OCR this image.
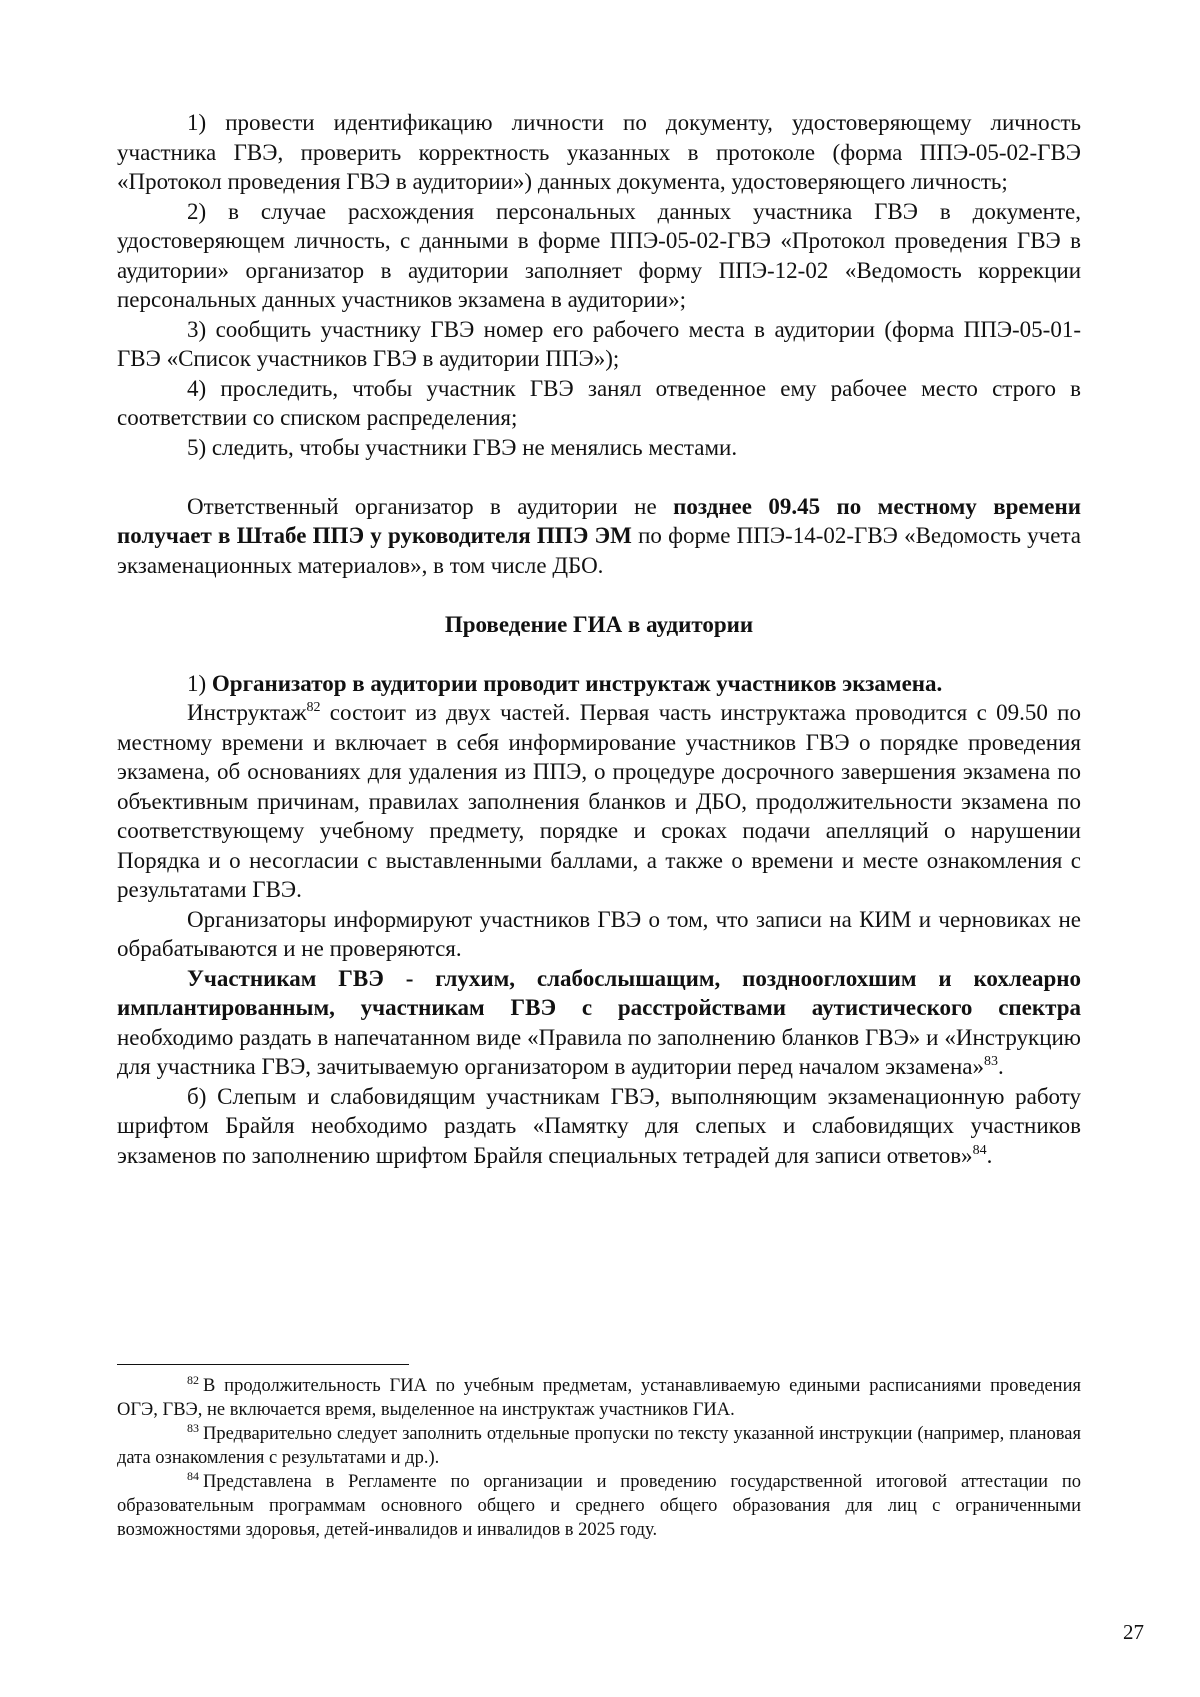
1) провести идентификацию личности по документу, удостоверяющему личность участника ГВЭ, проверить корректность указанных в протоколе (форма ППЭ-05-02-ГВЭ «Протокол проведения ГВЭ в аудитории») данных документа, удостоверяющего личность;

2) в случае расхождения персональных данных участника ГВЭ в документе, удостоверяющем личность, с данными в форме ППЭ-05-02-ГВЭ «Протокол проведения ГВЭ в аудитории» организатор в аудитории заполняет форму ППЭ-12-02 «Ведомость коррекции персональных данных участников экзамена в аудитории»;

3) сообщить участнику ГВЭ номер его рабочего места в аудитории (форма ППЭ-05-01-ГВЭ «Список участников ГВЭ в аудитории ППЭ»);

4) проследить, чтобы участник ГВЭ занял отведенное ему рабочее место строго в соответствии со списком распределения;

5) следить, чтобы участники ГВЭ не менялись местами.

Ответственный организатор в аудитории не позднее 09.45 по местному времени получает в Штабе ППЭ у руководителя ППЭ ЭМ по форме ППЭ-14-02-ГВЭ «Ведомость учета экзаменационных материалов», в том числе ДБО.

Проведение ГИА в аудитории

1) Организатор в аудитории проводит инструктаж участников экзамена.

Инструктаж$^{82}$ состоит из двух частей. Первая часть инструктажа проводится с 09.50 по местному времени и включает в себя информирование участников ГВЭ о порядке проведения экзамена, об основаниях для удаления из ППЭ, о процедуре досрочного завершения экзамена по объективным причинам, правилах заполнения бланков и ДБО, продолжительности экзамена по соответствующему учебному предмету, порядке и сроках подачи апелляций о нарушении Порядка и о несогласии с выставленными баллами, а также о времени и месте ознакомления с результатами ГВЭ.

Организаторы информируют участников ГВЭ о том, что записи на КИМ и черновиках не обрабатываются и не проверяются.

Участникам ГВЭ - глухим, слабослышащим, позднооглохшим и кохлеарно имплантированным, участникам ГВЭ с расстройствами аутистического спектра необходимо раздать в напечатанном виде «Правила по заполнению бланков ГВЭ» и «Инструкцию для участника ГВЭ, зачитываемую организатором в аудитории перед началом экзамена»$^{83}$.

б) Слепым и слабовидящим участникам ГВЭ, выполняющим экзаменационную работу шрифтом Брайля необходимо раздать «Памятку для слепых и слабовидящих участников экзаменов по заполнению шрифтом Брайля специальных тетрадей для записи ответов»$^{84}$.

$^{82}$ В продолжительность ГИА по учебным предметам, устанавливаемую едиными расписаниями проведения ОГЭ, ГВЭ, не включается время, выделенное на инструктаж участников ГИА.

$^{83}$ Предварительно следует заполнить отдельные пропуски по тексту указанной инструкции (например, плановая дата ознакомления с результатами и др.).

$^{84}$ Представлена в Регламенте по организации и проведению государственной итоговой аттестации по образовательным программам основного общего и среднего общего образования для лиц с ограниченными возможностями здоровья, детей-инвалидов и инвалидов в 2025 году.

27
